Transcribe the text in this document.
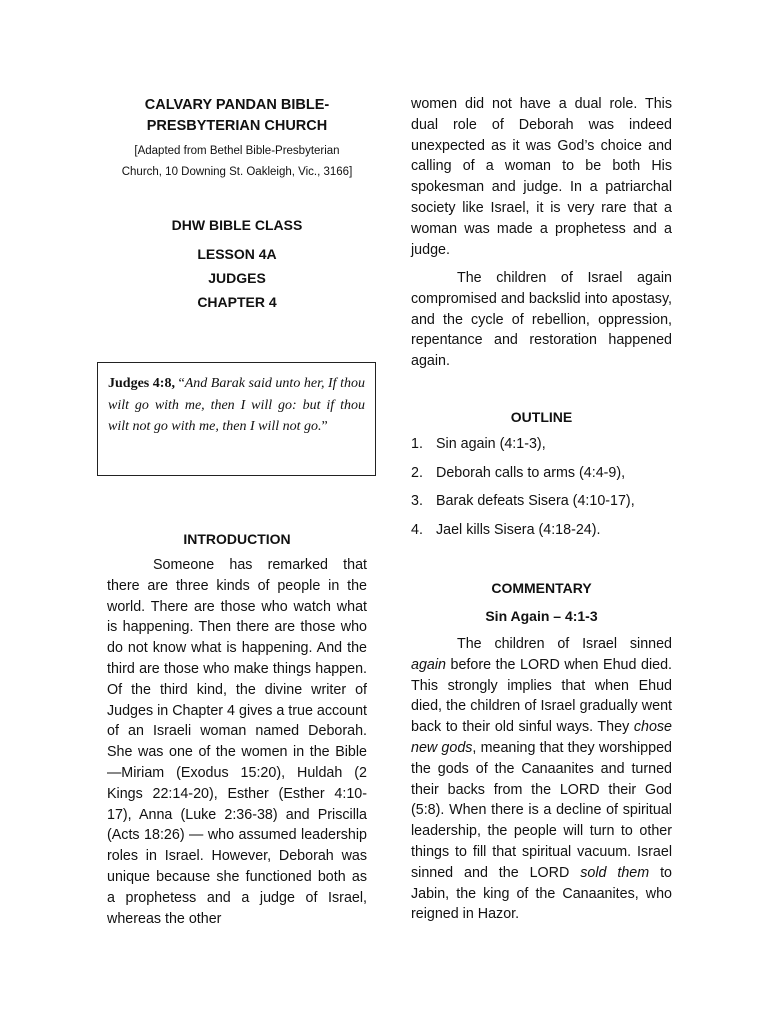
CALVARY PANDAN BIBLE-
PRESBYTERIAN CHURCH
[Adapted from Bethel Bible-Presbyterian
Church, 10 Downing St. Oakleigh, Vic., 3166]
DHW BIBLE CLASS
LESSON 4A
JUDGES
CHAPTER 4
Judges 4:8, “And Barak said unto her, If thou wilt go with me, then I will go: but if thou wilt not go with me, then I will not go.”
INTRODUCTION
Someone has remarked that there are three kinds of people in the world. There are those who watch what is happening. Then there are those who do not know what is happening. And the third are those who make things happen. Of the third kind, the divine writer of Judges in Chapter 4 gives a true account of an Israeli woman named Deborah. She was one of the women in the Bible—Miriam (Exodus 15:20), Huldah (2 Kings 22:14-20), Esther (Esther 4:10-17), Anna (Luke 2:36-38) and Priscilla (Acts 18:26) — who assumed leadership roles in Israel. However, Deborah was unique because she functioned both as a prophetess and a judge of Israel, whereas the other
women did not have a dual role. This dual role of Deborah was indeed unexpected as it was God’s choice and calling of a woman to be both His spokesman and judge. In a patriarchal society like Israel, it is very rare that a woman was made a prophetess and a judge.
The children of Israel again compromised and backslid into apostasy, and the cycle of rebellion, oppression, repentance and restoration happened again.
OUTLINE
1. Sin again (4:1-3),
2. Deborah calls to arms (4:4-9),
3. Barak defeats Sisera (4:10-17),
4. Jael kills Sisera (4:18-24).
COMMENTARY
Sin Again – 4:1-3
The children of Israel sinned again before the LORD when Ehud died. This strongly implies that when Ehud died, the children of Israel gradually went back to their old sinful ways. They chose new gods, meaning that they worshipped the gods of the Canaanites and turned their backs from the LORD their God (5:8). When there is a decline of spiritual leadership, the people will turn to other things to fill that spiritual vacuum. Israel sinned and the LORD sold them to Jabin, the king of the Canaanites, who reigned in Hazor.
